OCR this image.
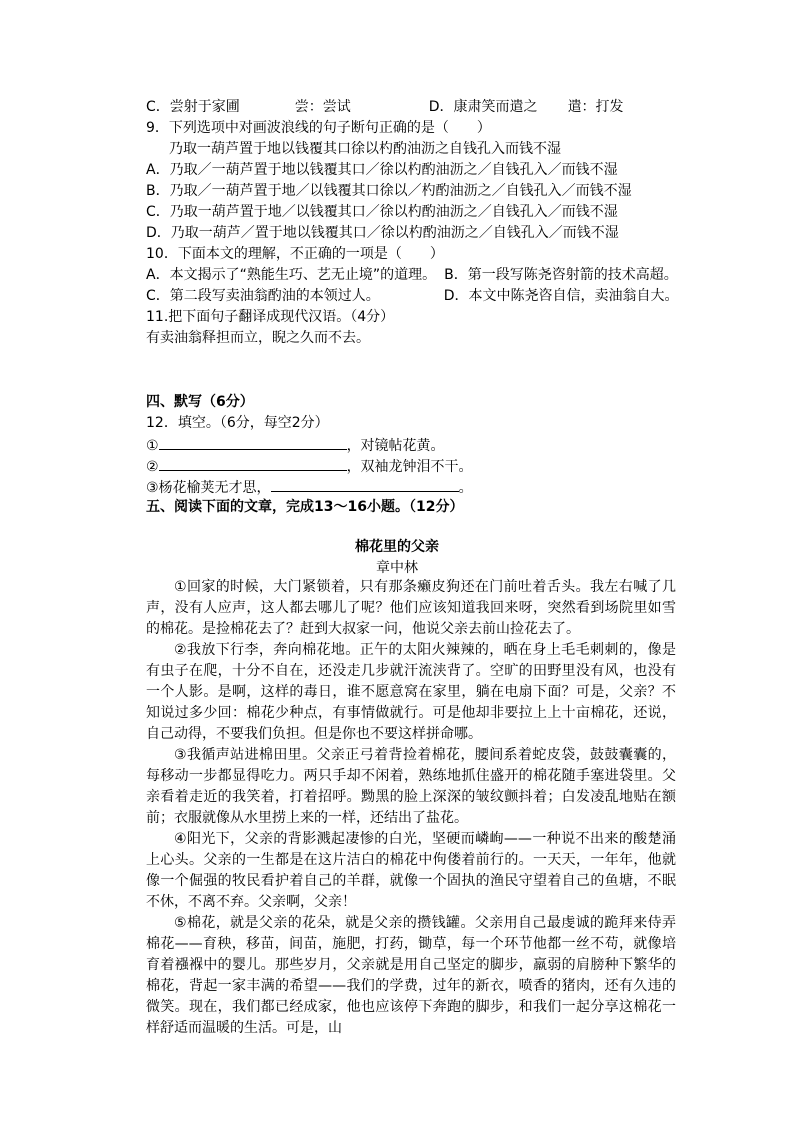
C．尝射于家圃	尝：尝试	D．康肃笑而遣之 遣：打发
9．下列选项中对画波浪线的句子断句正确的是（　　）
乃取一葫芦置于地以钱覆其口徐以杓酌油沥之自钱孔入而钱不湿
A．乃取／一葫芦置于地以钱覆其口／徐以杓酌油沥之／自钱孔入／而钱不湿
B．乃取／一葫芦置于地／以钱覆其口徐以／杓酌油沥之／自钱孔入／而钱不湿
C．乃取一葫芦置于地／以钱覆其口／徐以杓酌油沥之／自钱孔入／而钱不湿
D．乃取一葫芦／置于地以钱覆其口／徐以杓酌油沥之／自钱孔入／而钱不湿
10．下面本文的理解，不正确的一项是（　　）
A．本文揭示了“熟能生巧、艺无止境”的道理。 B．第一段写陈尧咨射箭的技术高超。
C．第二段写卖油翁酌油的本领过人。	D．本文中陈尧咨自信，卖油翁自大。
11.把下面句子翻译成现代汉语。（4分）
有卖油翁释担而立，睨之久而不去。
四、默写（6分）
12．填空。（6分，每空2分）
①	，对镜帖花黄。
②	，双袖龙钟泪不干。
③杨花榆荚无才思，	。
五、阅读下面的文章，完成13～16小题。（12分）
棉花里的父亲
章中林

①回家的时候，大门紧锁着，只有那条癞皮狗还在门前吐着舌头。我左右喊了几声，没有人应声，这人都去哪儿了呢？他们应该知道我回来呀，突然看到场院里如雪的棉花。是捡棉花去了？赶到大叔家一问，他说父亲去前山捡花去了。

②我放下行李，奔向棉花地。正午的太阳火辣辣的，晒在身上毛毛刺刺的，像是有虫子在爬，十分不自在，还没走几步就汗流浃背了。空旷的田野里没有风，也没有一个人影。是啊，这样的毒日，谁不愿意窝在家里，躺在电扇下面？可是，父亲？不知说过多少回：棉花少种点，有事情做就行。可是他却非要拉上上十亩棉花，还说，自己动得，不要我们负担。但是你也不要这样拼命哪。

③我循声站进棉田里。父亲正弓着背捡着棉花，腰间系着蛇皮袋，鼓鼓囊囊的，每移动一步都显得吃力。两只手却不闲着，熟练地抓住盛开的棉花随手塞进袋里。父亲看着走近的我笑着，打着招呼。黝黑的脸上深深的皱纹颤抖着；白发凌乱地贴在额前；衣服就像从水里捞上来的一样，还结出了盐花。

④阳光下，父亲的背影溅起凄惨的白光，坚硬而嶙峋——一种说不出来的酸楚涌上心头。父亲的一生都是在这片洁白的棉花中佝偻着前行的。一天天，一年年，他就像一个倔强的牧民看护着自己的羊群，就像一个固执的渔民守望着自己的鱼塘，不眠不休，不离不弃。父亲啊，父亲！

⑤棉花，就是父亲的花朵，就是父亲的攒钱罐。父亲用自己最虔诚的跪拜来侍弄棉花——育秧，移苗，间苗，施肥，打药，锄草，每一个环节他都一丝不苟，就像培育着襁褓中的婴儿。那些岁月，父亲就是用自己坚定的脚步，羸弱的肩膀种下繁华的棉花，背起一家丰满的希望——我们的学费，过年的新衣，喷香的猪肉，还有久违的微笑。现在，我们都已经成家，他也应该停下奔跑的脚步，和我们一起分享这棉花一样舒适而温暖的生活。可是，山
